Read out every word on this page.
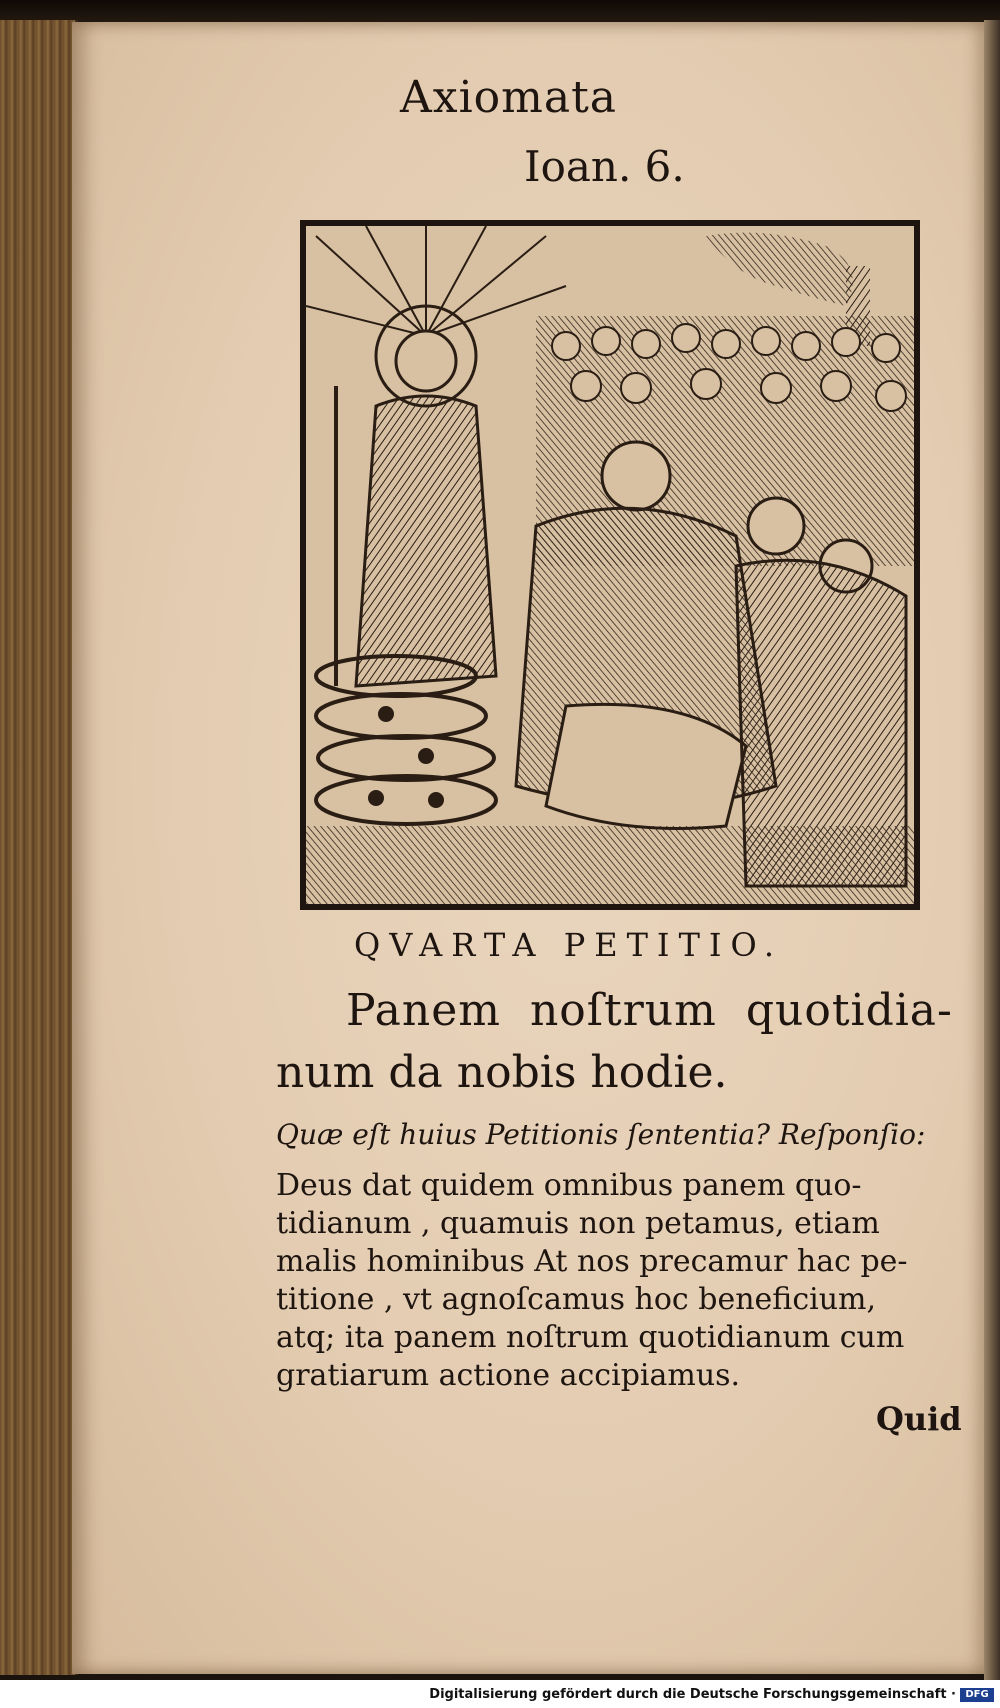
Axiomata
Ioan. 6.
QVARTA PETITIO.
Panem noſtrum quotidia-
num da nobis hodie.
Quæ eſt huius Petitionis ſententia? Reſponſio:
Deus dat quidem omnibus panem quo-
tidianum , quamuis non petamus, etiam
malis hominibus At nos precamur hac pe-
titione , vt agnoſcamus hoc beneficium,
atq; ita panem noſtrum quotidianum cum
gratiarum actione accipiamus.
Quid
Digitalisierung gefördert durch die Deutsche Forschungsgemeinschaft · DFG
